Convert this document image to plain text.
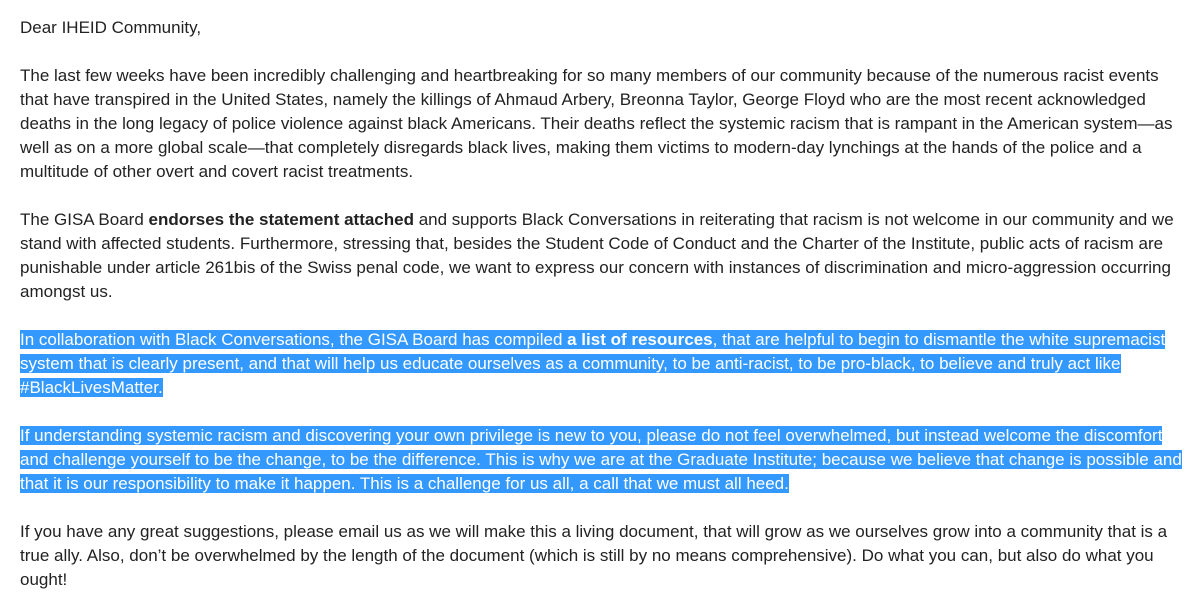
Dear IHEID Community,

The last few weeks have been incredibly challenging and heartbreaking for so many members of our community because of the numerous racist events that have transpired in the United States, namely the killings of Ahmaud Arbery, Breonna Taylor, George Floyd who are the most recent acknowledged deaths in the long legacy of police violence against black Americans. Their deaths reflect the systemic racism that is rampant in the American system—as well as on a more global scale—that completely disregards black lives, making them victims to modern-day lynchings at the hands of the police and a multitude of other overt and covert racist treatments.

The GISA Board endorses the statement attached and supports Black Conversations in reiterating that racism is not welcome in our community and we stand with affected students. Furthermore, stressing that, besides the Student Code of Conduct and the Charter of the Institute, public acts of racism are punishable under article 261bis of the Swiss penal code, we want to express our concern with instances of discrimination and micro-aggression occurring amongst us.

In collaboration with Black Conversations, the GISA Board has compiled a list of resources, that are helpful to begin to dismantle the white supremacist system that is clearly present, and that will help us educate ourselves as a community, to be anti-racist, to be pro-black, to believe and truly act like #BlackLivesMatter.

If understanding systemic racism and discovering your own privilege is new to you, please do not feel overwhelmed, but instead welcome the discomfort and challenge yourself to be the change, to be the difference. This is why we are at the Graduate Institute; because we believe that change is possible and that it is our responsibility to make it happen. This is a challenge for us all, a call that we must all heed.

If you have any great suggestions, please email us as we will make this a living document, that will grow as we ourselves grow into a community that is a true ally. Also, don’t be overwhelmed by the length of the document (which is still by no means comprehensive). Do what you can, but also do what you ought!
